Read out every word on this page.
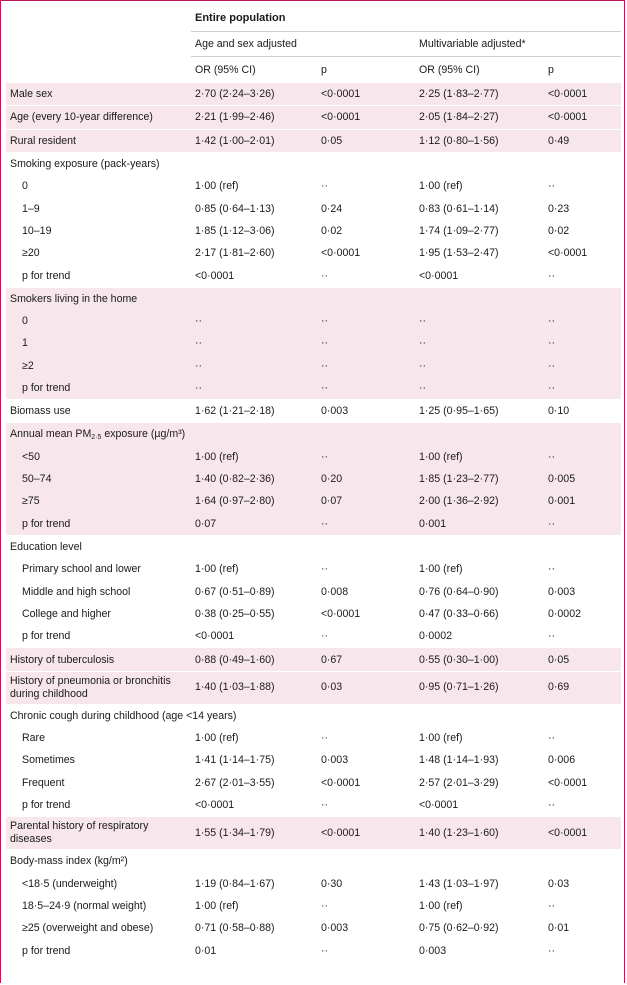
	Entire population			
	Age and sex adjusted		Multivariable adjusted*	
	OR (95% CI)	p	OR (95% CI)	p
Male sex	2·70 (2·24–3·26)	<0·0001	2·25 (1·83–2·77)	<0·0001
Age (every 10-year difference)	2·21 (1·99–2·46)	<0·0001	2·05 (1·84–2·27)	<0·0001
Rural resident	1·42 (1·00–2·01)	0·05	1·12 (0·80–1·56)	0·49
Smoking exposure (pack-years)				
0	1·00 (ref)	··	1·00 (ref)	··
1–9	0·85 (0·64–1·13)	0·24	0·83 (0·61–1·14)	0·23
10–19	1·85 (1·12–3·06)	0·02	1·74 (1·09–2·77)	0·02
≥20	2·17 (1·81–2·60)	<0·0001	1·95 (1·53–2·47)	<0·0001
p for trend	<0·0001	··	<0·0001	··
Smokers living in the home				
0	··	··	··	··
1	··	··	··	··
≥2	··	··	··	··
p for trend	··	··	··	··
Biomass use	1·62 (1·21–2·18)	0·003	1·25 (0·95–1·65)	0·10
Annual mean $PM_{2\cdot 5}$ exposure (µg/m³)				
<50	1·00 (ref)	··	1·00 (ref)	··
50–74	1·40 (0·82–2·36)	0·20	1·85 (1·23–2·77)	0·005
≥75	1·64 (0·97–2·80)	0·07	2·00 (1·36–2·92)	0·001
p for trend	0·07	··	0·001	··
Education level				
Primary school and lower	1·00 (ref)	··	1·00 (ref)	··
Middle and high school	0·67 (0·51–0·89)	0·008	0·76 (0·64–0·90)	0·003
College and higher	0·38 (0·25–0·55)	<0·0001	0·47 (0·33–0·66)	0·0002
p for trend	<0·0001	··	0·0002	··
History of tuberculosis	0·88 (0·49–1·60)	0·67	0·55 (0·30–1·00)	0·05
History of pneumonia or bronchitis during childhood	1·40 (1·03–1·88)	0·03	0·95 (0·71–1·26)	0·69
Chronic cough during childhood (age <14 years)				
Rare	1·00 (ref)	··	1·00 (ref)	··
Sometimes	1·41 (1·14–1·75)	0·003	1·48 (1·14–1·93)	0·006
Frequent	2·67 (2·01–3·55)	<0·0001	2·57 (2·01–3·29)	<0·0001
p for trend	<0·0001	··	<0·0001	··
Parental history of respiratory diseases	1·55 (1·34–1·79)	<0·0001	1·40 (1·23–1·60)	<0·0001
Body-mass index (kg/m²)				
<18·5 (underweight)	1·19 (0·84–1·67)	0·30	1·43 (1·03–1·97)	0·03
18·5–24·9 (normal weight)	1·00 (ref)	··	1·00 (ref)	··
≥25 (overweight and obese)	0·71 (0·58–0·88)	0·003	0·75 (0·62–0·92)	0·01
p for trend	0·01	··	0·003	··
